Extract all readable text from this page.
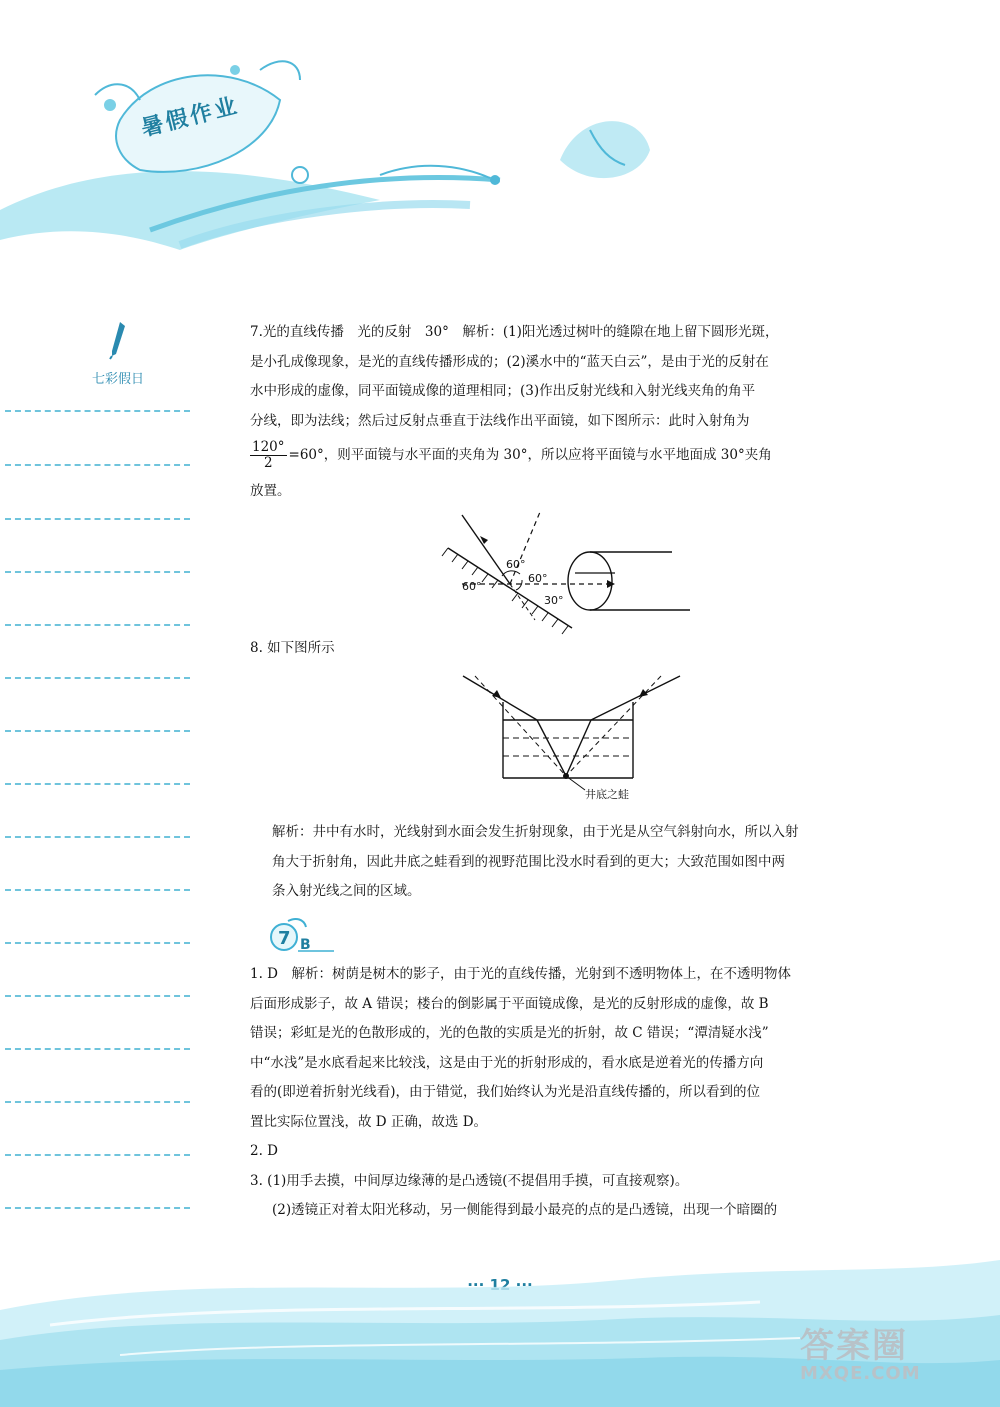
暑假作业
七彩假日

7.光的直线传播　光的反射　30°　解析：(1)阳光透过树叶的缝隙在地上留下圆形光斑，

是小孔成像现象，是光的直线传播形成的；(2)溪水中的“蓝天白云”，是由于光的反射在

水中形成的虚像，同平面镜成像的道理相同；(3)作出反射光线和入射光线夹角的角平

分线，即为法线；然后过反射点垂直于法线作出平面镜，如下图所示：此时入射角为

$\frac{120^\circ}{2} =60^\circ$，则平面镜与水平面的夹角为 30°，所以应将平面镜与水平地面成 30°夹角

放置。

60°
60°
60°
30°

8. 如下图所示

井底之蛙

解析：井中有水时，光线射到水面会发生折射现象，由于光是从空气斜射向水，所以入射

角大于折射角，因此井底之蛙看到的视野范围比没水时看到的更大；大致范围如图中两

条入射光线之间的区域。

7 B

1. D　解析：树荫是树木的影子，由于光的直线传播，光射到不透明物体上，在不透明物体

后面形成影子，故 A 错误；楼台的倒影属于平面镜成像，是光的反射形成的虚像，故 B

错误；彩虹是光的色散形成的，光的色散的实质是光的折射，故 C 错误；“潭清疑水浅”

中“水浅”是水底看起来比较浅，这是由于光的折射形成的，看水底是逆着光的传播方向

看的(即逆着折射光线看)，由于错觉，我们始终认为光是沿直线传播的，所以看到的位

置比实际位置浅，故 D 正确，故选 D。

2. D

3. (1)用手去摸，中间厚边缘薄的是凸透镜(不提倡用手摸，可直接观察)。

(2)透镜正对着太阳光移动，另一侧能得到最小最亮的点的是凸透镜，出现一个暗圈的

··· 12 ···
答案圈
MXQE.COM
